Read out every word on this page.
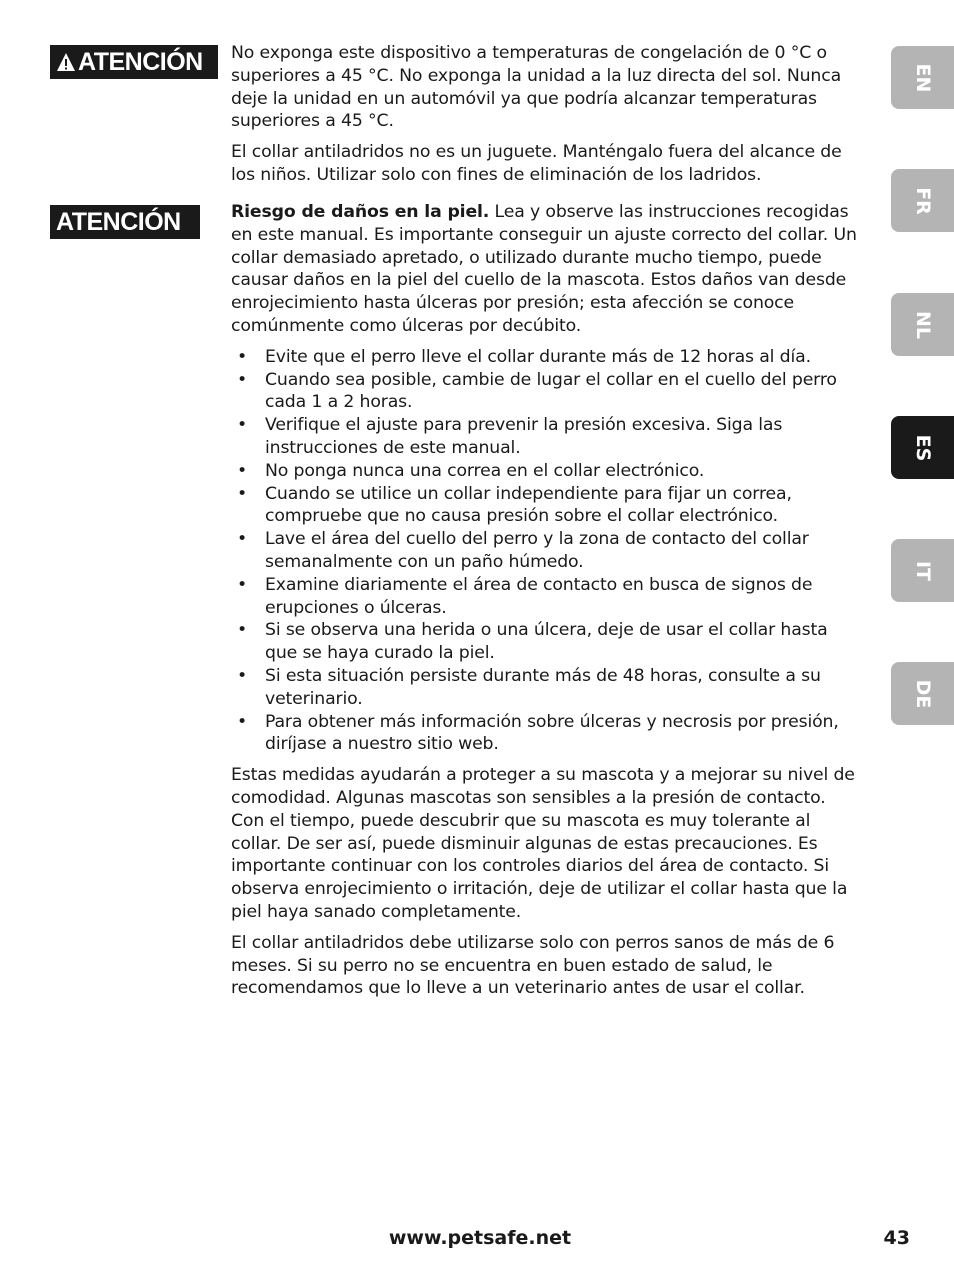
ATENCIÓN No exponga este dispositivo a temperaturas de congelación de 0 °C o superiores a 45 °C. No exponga la unidad a la luz directa del sol. Nunca deje la unidad en un automóvil ya que podría alcanzar temperaturas superiores a 45 °C.

El collar antiladridos no es un juguete. Manténgalo fuera del alcance de los niños. Utilizar solo con fines de eliminación de los ladridos.

ATENCIÓN	Riesgo de daños en la piel. Lea y observe las instrucciones recogidas en este manual. Es importante conseguir un ajuste correcto del collar. Un collar demasiado apretado, o utilizado durante mucho tiempo, puede causar daños en la piel del cuello de la mascota. Estos daños van desde enrojecimiento hasta úlceras por presión; esta afección se conoce comúnmente como úlceras por decúbito.

• Evite que el perro lleve el collar durante más de 12 horas al día.
• Cuando sea posible, cambie de lugar el collar en el cuello del perro cada 1 a 2 horas.
• Verifique el ajuste para prevenir la presión excesiva. Siga las instrucciones de este manual.
• No ponga nunca una correa en el collar electrónico.
• Cuando se utilice un collar independiente para fijar un correa, compruebe que no causa presión sobre el collar electrónico.
• Lave el área del cuello del perro y la zona de contacto del collar semanalmente con un paño húmedo.
• Examine diariamente el área de contacto en busca de signos de erupciones o úlceras.
• Si se observa una herida o una úlcera, deje de usar el collar hasta que se haya curado la piel.
• Si esta situación persiste durante más de 48 horas, consulte a su veterinario.
• Para obtener más información sobre úlceras y necrosis por presión, diríjase a nuestro sitio web.

Estas medidas ayudarán a proteger a su mascota y a mejorar su nivel de comodidad. Algunas mascotas son sensibles a la presión de contacto. Con el tiempo, puede descubrir que su mascota es muy tolerante al collar. De ser así, puede disminuir algunas de estas precauciones. Es importante continuar con los controles diarios del área de contacto. Si observa enrojecimiento o irritación, deje de utilizar el collar hasta que la piel haya sanado completamente.

El collar antiladridos debe utilizarse solo con perros sanos de más de 6 meses. Si su perro no se encuentra en buen estado de salud, le recomendamos que lo lleve a un veterinario antes de usar el collar.

EN
FR
NL
ES
IT
DE
www.petsafe.net	43
